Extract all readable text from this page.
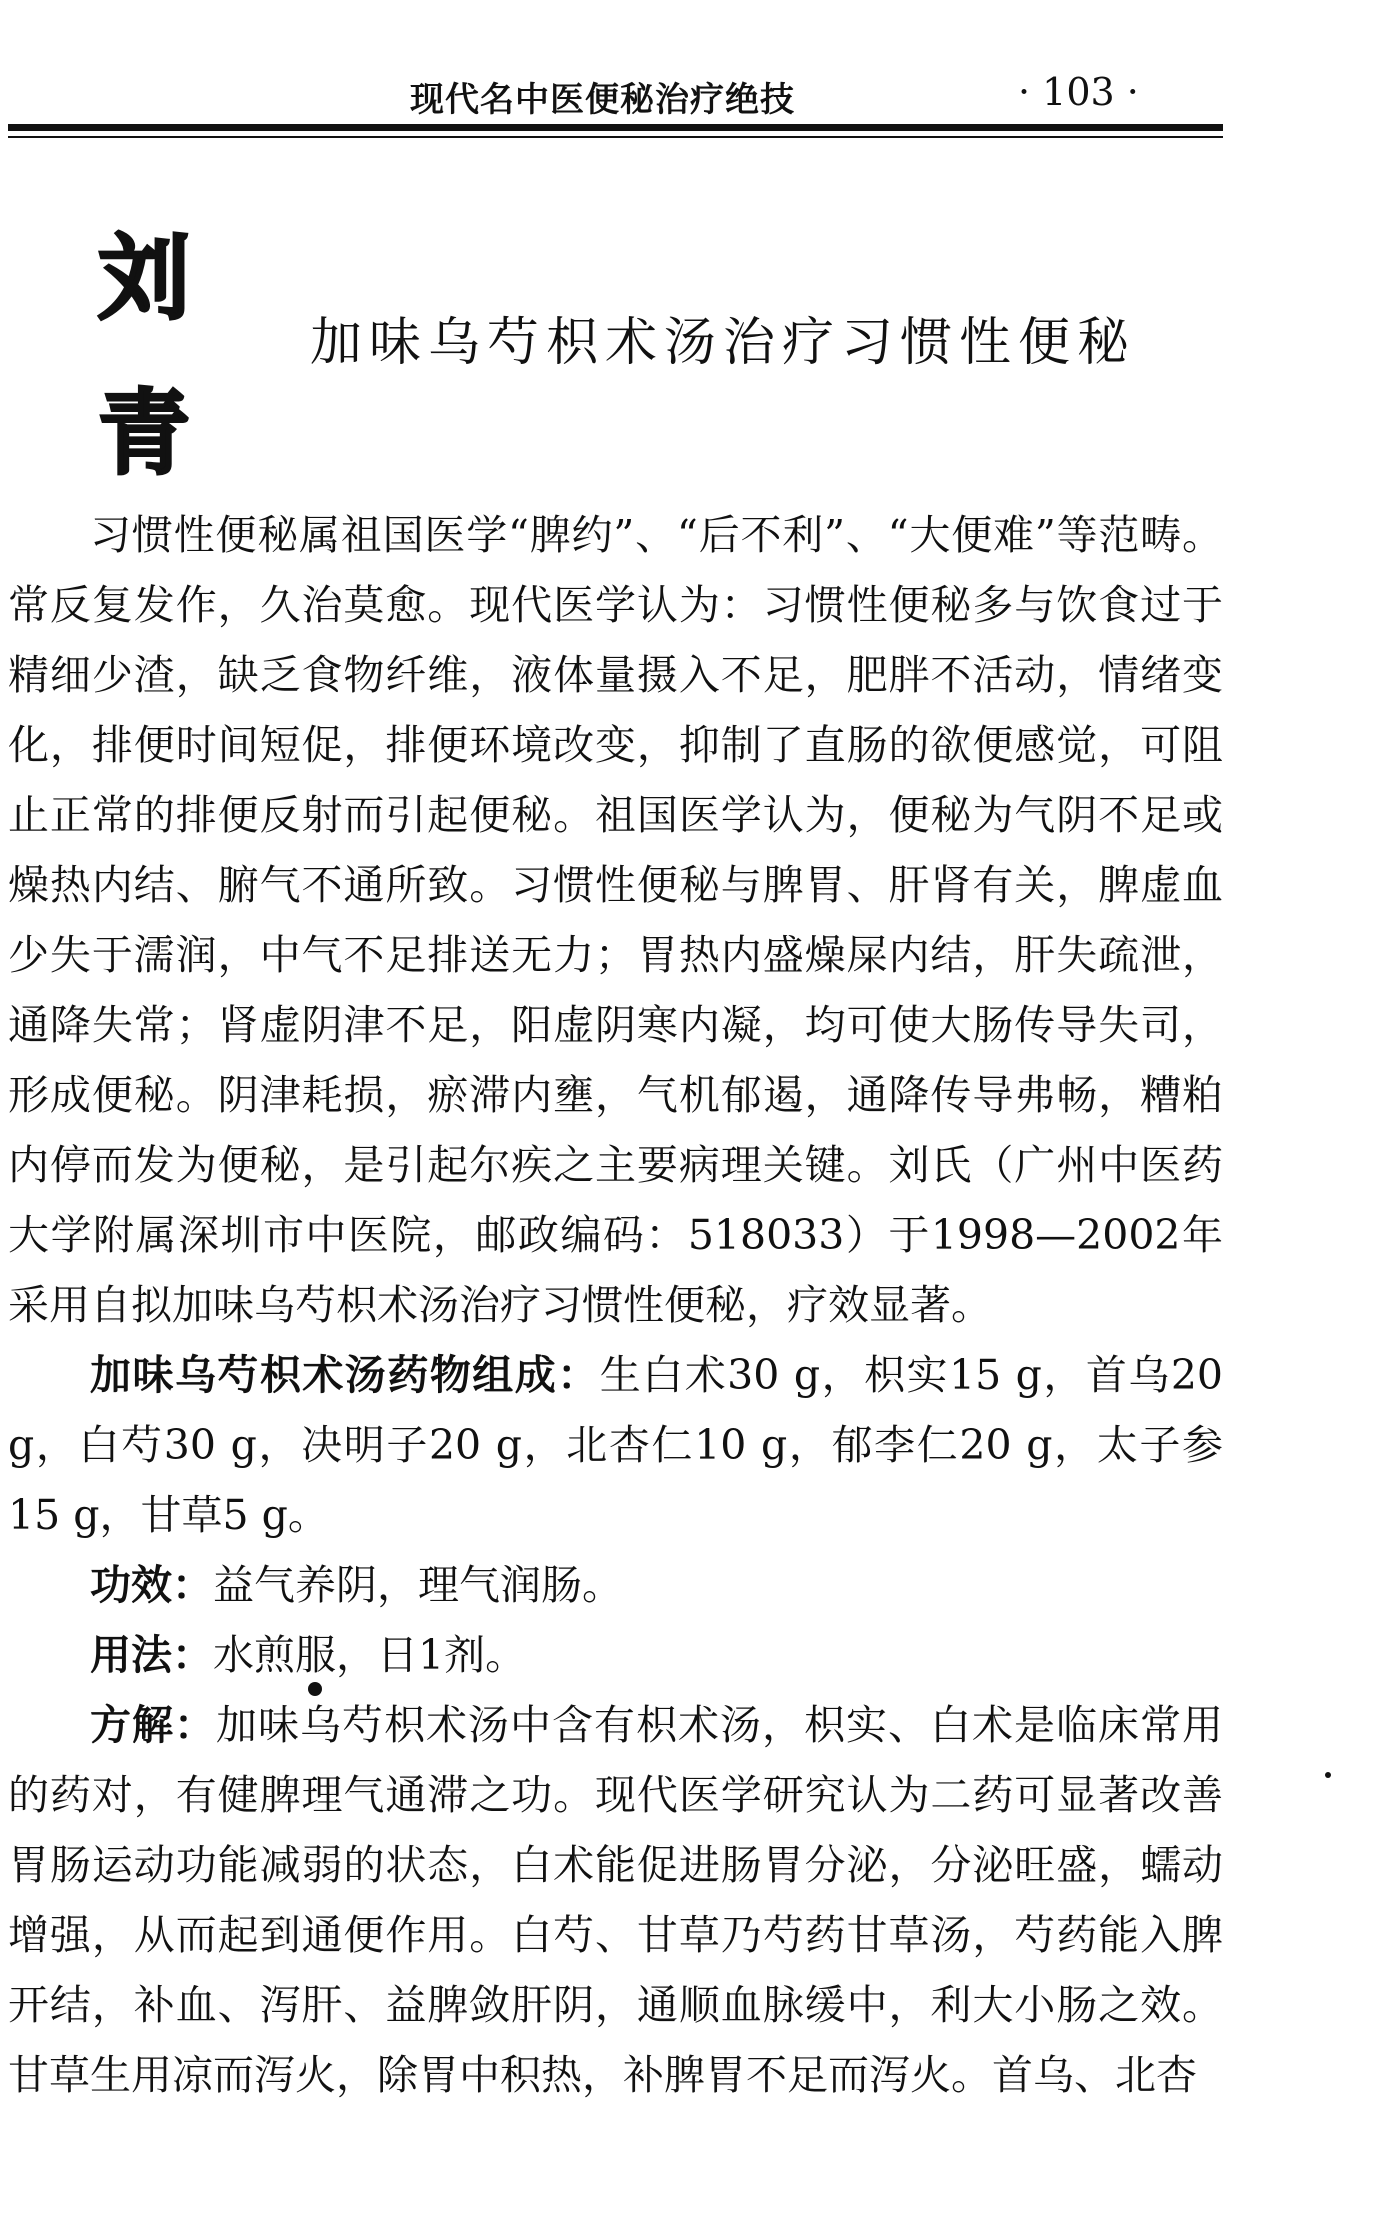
现代名中医便秘治疗绝技	· 103 ·
刘
青
加味乌芍枳术汤治疗习惯性便秘

习惯性便秘属祖国医学“脾约”、“后不利”、“大便难”等范畴。常反复发作，久治莫愈。现代医学认为：习惯性便秘多与饮食过于精细少渣，缺乏食物纤维，液体量摄入不足，肥胖不活动，情绪变化，排便时间短促，排便环境改变，抑制了直肠的欲便感觉，可阻止正常的排便反射而引起便秘。祖国医学认为，便秘为气阴不足或燥热内结、腑气不通所致。习惯性便秘与脾胃、肝肾有关，脾虚血少失于濡润，中气不足排送无力；胃热内盛燥屎内结，肝失疏泄，通降失常；肾虚阴津不足，阳虚阴寒内凝，均可使大肠传导失司，形成便秘。阴津耗损，瘀滞内壅，气机郁遏，通降传导弗畅，糟粕内停而发为便秘，是引起尔疾之主要病理关键。刘氏（广州中医药大学附属深圳市中医院，邮政编码：518033）于1998—2002年采用自拟加味乌芍枳术汤治疗习惯性便秘，疗效显著。

加味乌芍枳术汤药物组成：生白术30 g，枳实15 g，首乌20 g，白芍30 g，决明子20 g，北杏仁10 g，郁李仁20 g，太子参15 g，甘草5 g。

功效：益气养阴，理气润肠。

用法：水煎服，日1剂。

方解：加味乌芍枳术汤中含有枳术汤，枳实、白术是临床常用的药对，有健脾理气通滞之功。现代医学研究认为二药可显著改善胃肠运动功能减弱的状态，白术能促进肠胃分泌，分泌旺盛，蠕动增强，从而起到通便作用。白芍、甘草乃芍药甘草汤，芍药能入脾开结，补血、泻肝、益脾敛肝阴，通顺血脉缓中，利大小肠之效。甘草生用凉而泻火，除胃中积热，补脾胃不足而泻火。首乌、北杏
